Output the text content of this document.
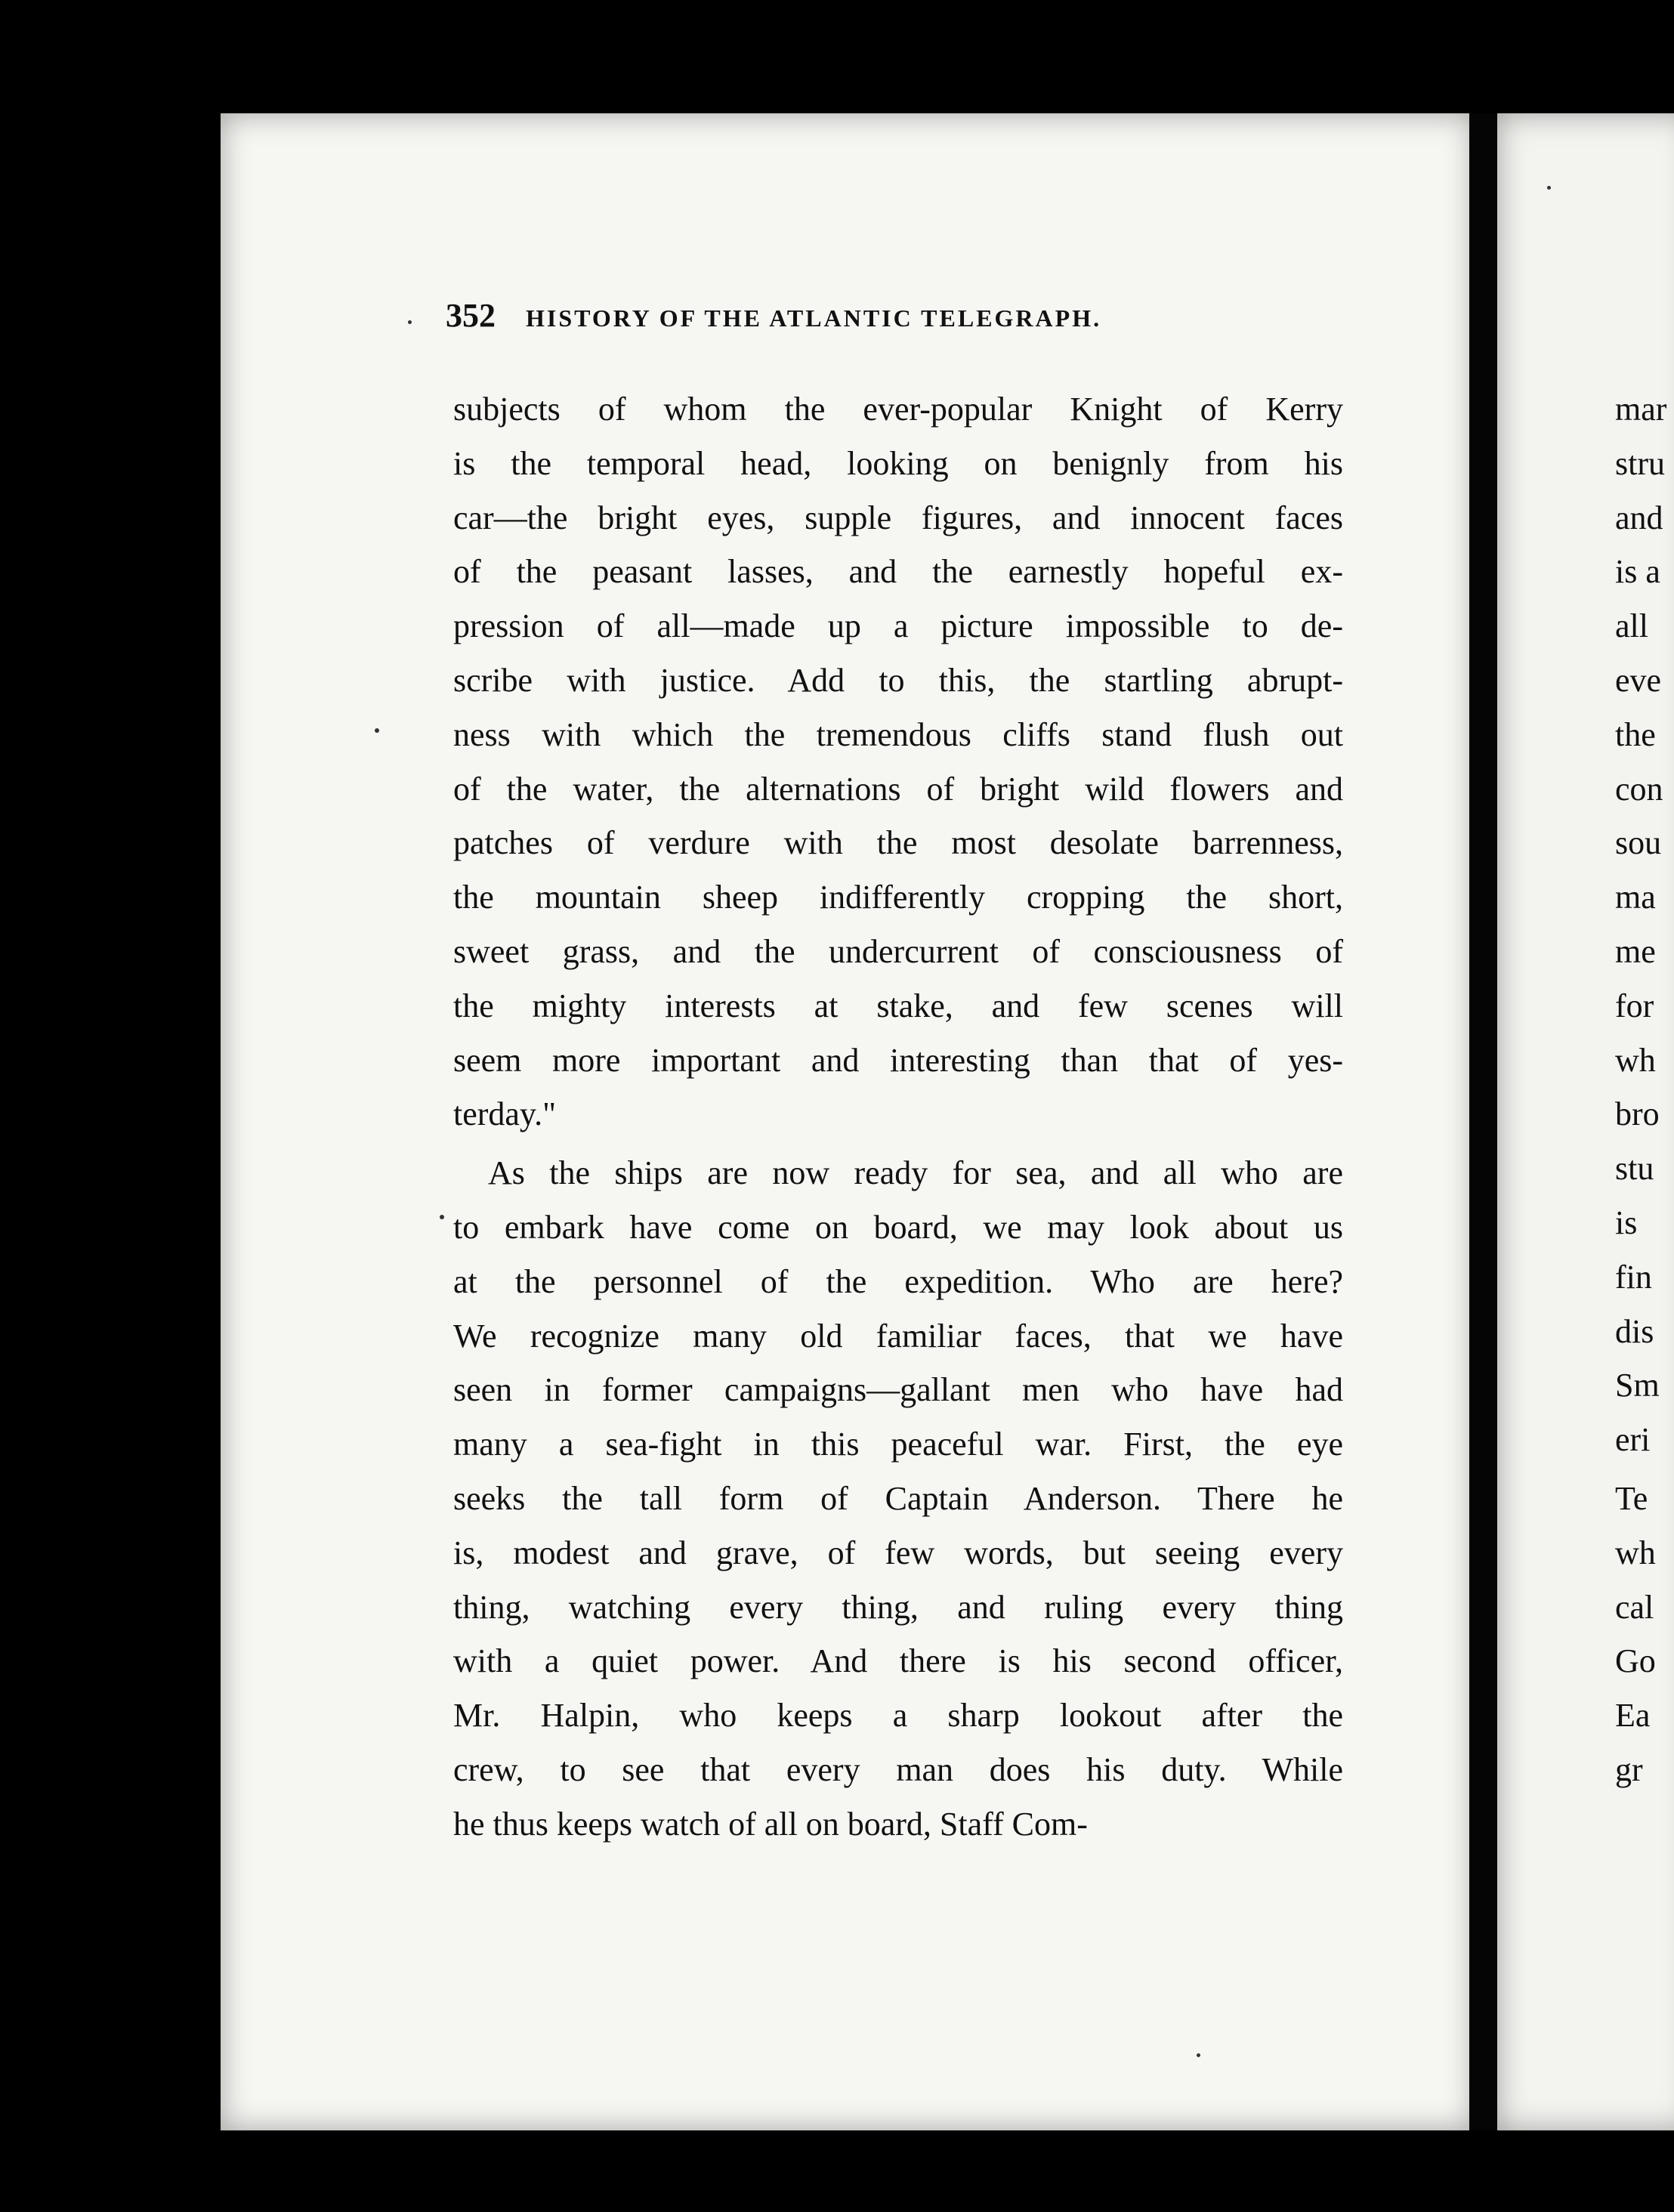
352 HISTORY OF THE ATLANTIC TELEGRAPH.
subjects of whom the ever-popular Knight of Kerry
is the temporal head, looking on benignly from his
car—the bright eyes, supple figures, and innocent faces
of the peasant lasses, and the earnestly hopeful ex-
pression of all—made up a picture impossible to de-
scribe with justice. Add to this, the startling abrupt-
ness with which the tremendous cliffs stand flush out
of the water, the alternations of bright wild flowers and
patches of verdure with the most desolate barrenness,
the mountain sheep indifferently cropping the short,
sweet grass, and the undercurrent of consciousness of
the mighty interests at stake, and few scenes will
seem more important and interesting than that of yes-
terday."
As the ships are now ready for sea, and all who are
to embark have come on board, we may look about us
at the personnel of the expedition. Who are here?
We recognize many old familiar faces, that we have
seen in former campaigns—gallant men who have had
many a sea-fight in this peaceful war. First, the eye
seeks the tall form of Captain Anderson. There he
is, modest and grave, of few words, but seeing every
thing, watching every thing, and ruling every thing
with a quiet power. And there is his second officer,
Mr. Halpin, who keeps a sharp lookout after the
crew, to see that every man does his duty. While
he thus keeps watch of all on board, Staff Com-
mar
stru
and
is a
all
eve
the
con
sou
ma
me
for
wh
bro
stu
is
fin
dis
Sm
eri
Te
wh
cal
Go
Ea
gr
